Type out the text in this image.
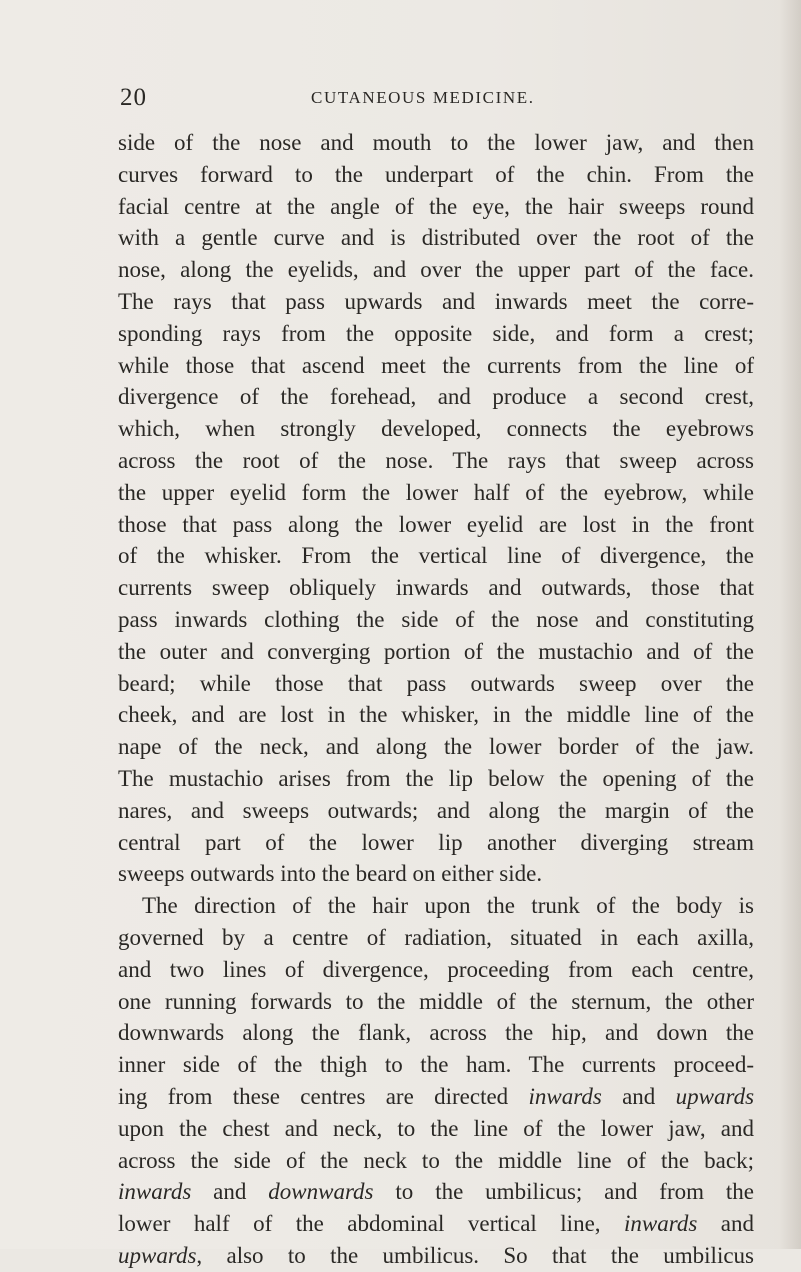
20	CUTANEOUS MEDICINE.
side of the nose and mouth to the lower jaw, and then
curves forward to the underpart of the chin. From the
facial centre at the angle of the eye, the hair sweeps round
with a gentle curve and is distributed over the root of the
nose, along the eyelids, and over the upper part of the face.
The rays that pass upwards and inwards meet the corre-
sponding rays from the opposite side, and form a crest;
while those that ascend meet the currents from the line of
divergence of the forehead, and produce a second crest,
which, when strongly developed, connects the eyebrows
across the root of the nose. The rays that sweep across
the upper eyelid form the lower half of the eyebrow, while
those that pass along the lower eyelid are lost in the front
of the whisker. From the vertical line of divergence, the
currents sweep obliquely inwards and outwards, those that
pass inwards clothing the side of the nose and constituting
the outer and converging portion of the mustachio and of the
beard; while those that pass outwards sweep over the
cheek, and are lost in the whisker, in the middle line of the
nape of the neck, and along the lower border of the jaw.
The mustachio arises from the lip below the opening of the
nares, and sweeps outwards; and along the margin of the
central part of the lower lip another diverging stream
sweeps outwards into the beard on either side.
The direction of the hair upon the trunk of the body is
governed by a centre of radiation, situated in each axilla,
and two lines of divergence, proceeding from each centre,
one running forwards to the middle of the sternum, the other
downwards along the flank, across the hip, and down the
inner side of the thigh to the ham. The currents proceed-
ing from these centres are directed inwards and upwards
upon the chest and neck, to the line of the lower jaw, and
across the side of the neck to the middle line of the back;
inwards and downwards to the umbilicus; and from the
lower half of the abdominal vertical line, inwards and
upwards, also to the umbilicus. So that the umbilicus
